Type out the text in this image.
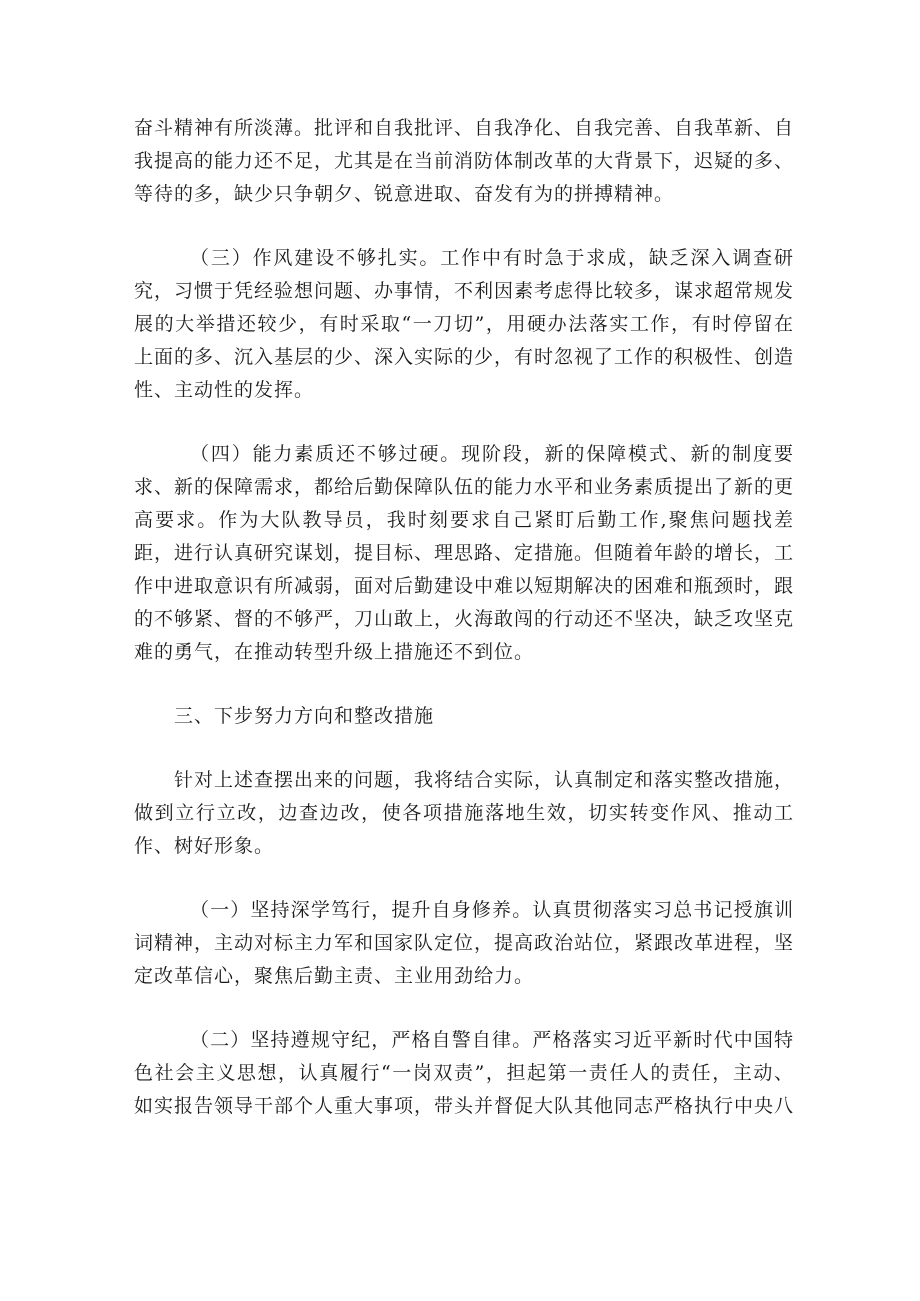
奋斗精神有所淡薄。批评和自我批评、自我净化、自我完善、自我革新、自我提高的能力还不足，尤其是在当前消防体制改革的大背景下，迟疑的多、等待的多，缺少只争朝夕、锐意进取、奋发有为的拼搏精神。

（三）作风建设不够扎实。工作中有时急于求成，缺乏深入调查研究，习惯于凭经验想问题、办事情，不利因素考虑得比较多，谋求超常规发展的大举措还较少，有时采取“一刀切”，用硬办法落实工作，有时停留在上面的多、沉入基层的少、深入实际的少，有时忽视了工作的积极性、创造性、主动性的发挥。

（四）能力素质还不够过硬。现阶段，新的保障模式、新的制度要求、新的保障需求，都给后勤保障队伍的能力水平和业务素质提出了新的更高要求。作为大队教导员，我时刻要求自己紧盯后勤工作,聚焦问题找差距，进行认真研究谋划，提目标、理思路、定措施。但随着年龄的增长，工作中进取意识有所减弱，面对后勤建设中难以短期解决的困难和瓶颈时，跟的不够紧、督的不够严，刀山敢上，火海敢闯的行动还不坚决，缺乏攻坚克难的勇气，在推动转型升级上措施还不到位。

三、下步努力方向和整改措施

针对上述查摆出来的问题，我将结合实际，认真制定和落实整改措施，做到立行立改，边查边改，使各项措施落地生效，切实转变作风、推动工作、树好形象。

（一）坚持深学笃行，提升自身修养。认真贯彻落实习总书记授旗训词精神，主动对标主力军和国家队定位，提高政治站位，紧跟改革进程，坚定改革信心，聚焦后勤主责、主业用劲给力。

（二）坚持遵规守纪，严格自警自律。严格落实习近平新时代中国特色社会主义思想，认真履行“一岗双责”，担起第一责任人的责任，主动、如实报告领导干部个人重大事项，带头并督促大队其他同志严格执行中央八
